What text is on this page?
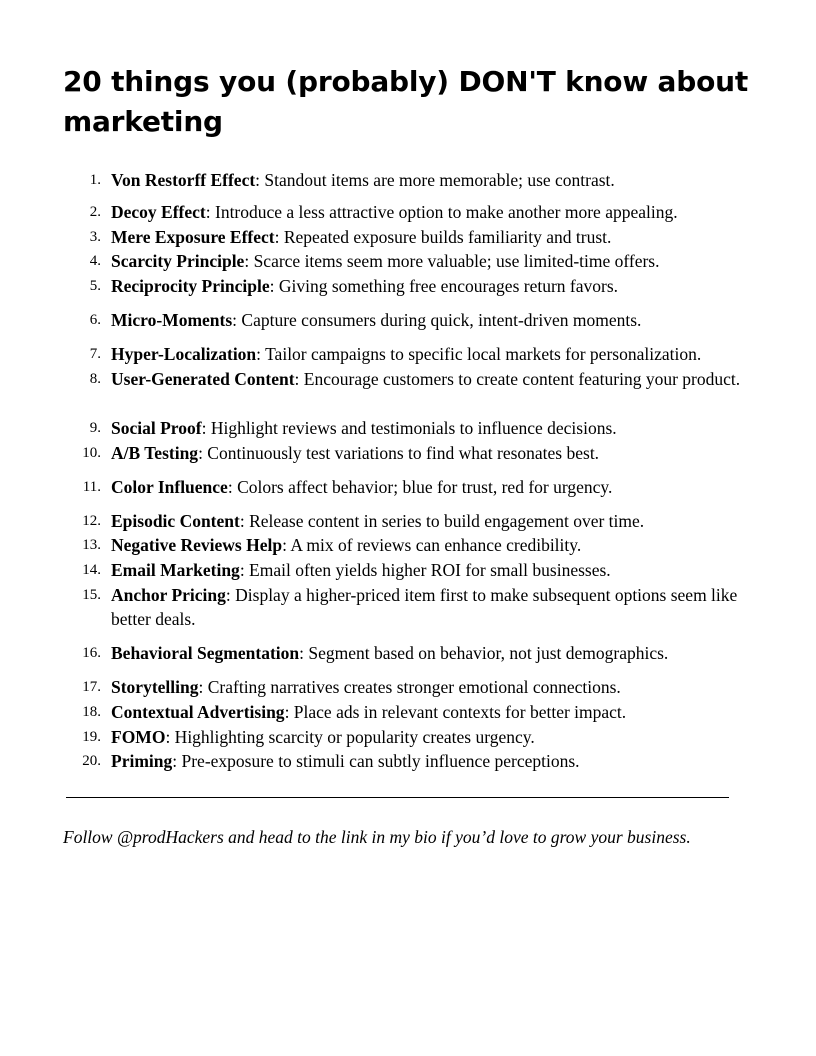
20 things you (probably) DON'T know about marketing
1. Von Restorff Effect: Standout items are more memorable; use contrast.
2. Decoy Effect: Introduce a less attractive option to make another more appealing.
3. Mere Exposure Effect: Repeated exposure builds familiarity and trust.
4. Scarcity Principle: Scarce items seem more valuable; use limited-time offers.
5. Reciprocity Principle: Giving something free encourages return favors.
6. Micro-Moments: Capture consumers during quick, intent-driven moments.
7. Hyper-Localization: Tailor campaigns to specific local markets for personalization.
8. User-Generated Content: Encourage customers to create content featuring your product.
9. Social Proof: Highlight reviews and testimonials to influence decisions.
10. A/B Testing: Continuously test variations to find what resonates best.
11. Color Influence: Colors affect behavior; blue for trust, red for urgency.
12. Episodic Content: Release content in series to build engagement over time.
13. Negative Reviews Help: A mix of reviews can enhance credibility.
14. Email Marketing: Email often yields higher ROI for small businesses.
15. Anchor Pricing: Display a higher-priced item first to make subsequent options seem like better deals.
16. Behavioral Segmentation: Segment based on behavior, not just demographics.
17. Storytelling: Crafting narratives creates stronger emotional connections.
18. Contextual Advertising: Place ads in relevant contexts for better impact.
19. FOMO: Highlighting scarcity or popularity creates urgency.
20. Priming: Pre-exposure to stimuli can subtly influence perceptions.

Follow @prodHackers and head to the link in my bio if you’d love to grow your business.
